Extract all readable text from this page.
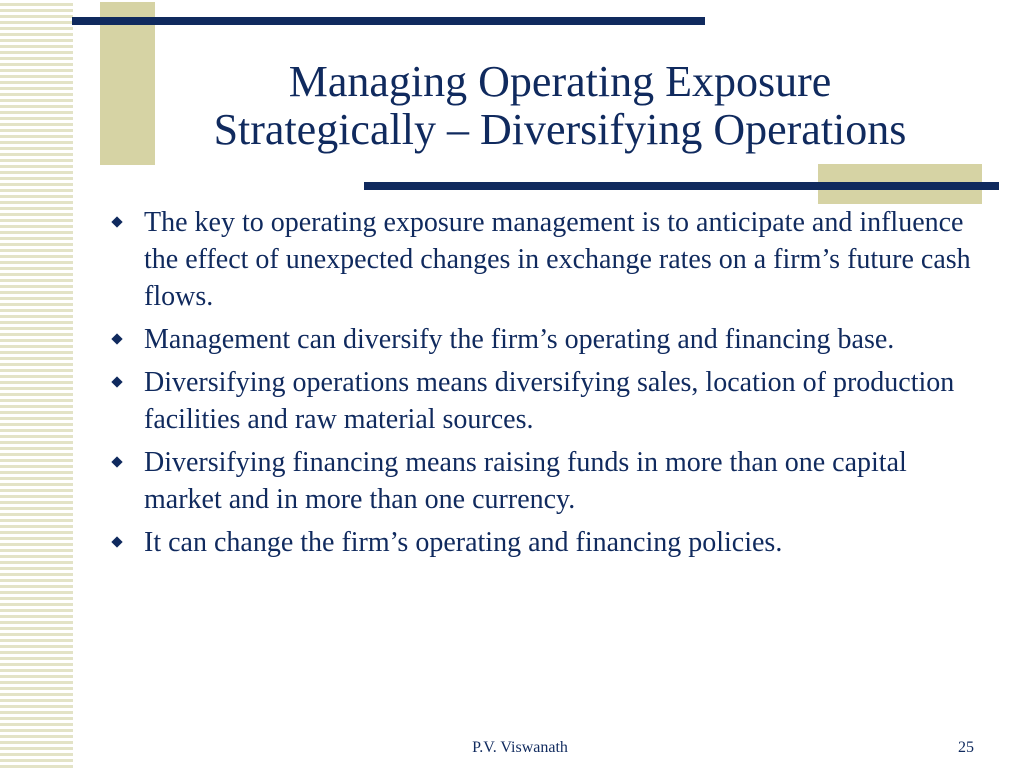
Managing Operating Exposure
Strategically – Diversifying Operations
The key to operating exposure management is to anticipate and influence the effect of unexpected changes in exchange rates on a firm’s future cash flows.
Management can diversify the firm’s operating and financing base.
Diversifying operations means diversifying sales, location of production facilities and raw material sources.
Diversifying financing means raising funds in more than one capital market and in more than one currency.
It can change the firm’s operating and financing policies.
P.V. Viswanath	25
